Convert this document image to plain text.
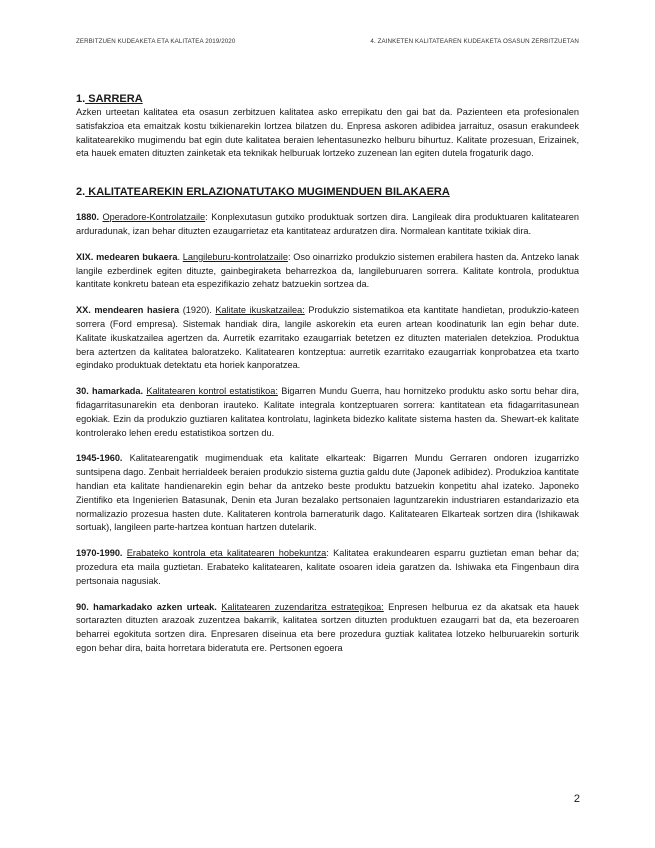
ZERBITZUEN KUDEAKETA ETA KALITATEA 2019/2020	4. ZAINKETEN KALITATEAREN KUDEAKETA OSASUN ZERBITZUETAN
1. SARRERA

Azken urteetan kalitatea eta osasun zerbitzuen kalitatea asko errepikatu den gai bat da. Pazienteen eta profesionalen satisfakzioa eta emaitzak kostu txikienarekin lortzea bilatzen du. Enpresa askoren adibidea jarraituz, osasun erakundeek kalitatearekiko mugimendu bat egin dute kalitatea beraien lehentasunezko helburu bihurtuz. Kalitate prozesuan, Erizainek, eta hauek ematen dituzten zainketak eta teknikak helburuak lortzeko zuzenean lan egiten dutela frogaturik dago.

2. KALITATEAREKIN ERLAZIONATUTAKO MUGIMENDUEN BILAKAERA

1880. Operadore-Kontrolatzaile: Konplexutasun gutxiko produktuak sortzen dira. Langileak dira produktuaren kalitatearen arduradunak, izan behar dituzten ezaugarrietaz eta kantitateaz arduratzen dira. Normalean kantitate txikiak dira.

XIX. medearen bukaera. Langileburu-kontrolatzaile: Oso oinarrizko produkzio sistemen erabilera hasten da. Antzeko lanak langile ezberdinek egiten dituzte, gainbegiraketa beharrezkoa da, langileburuaren sorrera. Kalitate kontrola, produktua kantitate konkretu batean eta espezifikazio zehatz batzuekin sortzea da.

XX. mendearen hasiera (1920). Kalitate ikuskatzailea: Produkzio sistematikoa eta kantitate handietan, produkzio-kateen sorrera (Ford empresa). Sistemak handiak dira, langile askorekin eta euren artean koodinaturik lan egin behar dute. Kalitate ikuskatzailea agertzen da. Aurretik ezarritako ezaugarriak betetzen ez dituzten materialen detekzioa. Produktua bera aztertzen da kalitatea baloratzeko. Kalitatearen kontzeptua: aurretik ezarritako ezaugarriak konprobatzea eta txarto egindako produktuak detektatu eta horiek kanporatzea.

30. hamarkada. Kalitatearen kontrol estatistikoa: Bigarren Mundu Guerra, hau hornitzeko produktu asko sortu behar dira, fidagarritasunarekin eta denboran irauteko. Kalitate integrala kontzeptuaren sorrera: kantitatean eta fidagarritasunean egokiak. Ezin da produkzio guztiaren kalitatea kontrolatu, laginketa bidezko kalitate sistema hasten da. Shewart-ek kalitate kontrolerako lehen eredu estatistikoa sortzen du.

1945-1960. Kalitatearengatik mugimenduak eta kalitate elkarteak: Bigarren Mundu Gerraren ondoren izugarrizko suntsipena dago. Zenbait herrialdeek beraien produkzio sistema guztia galdu dute (Japonek adibidez). Produkzioa kantitate handian eta kalitate handienarekin egin behar da antzeko beste produktu batzuekin konpetitu ahal izateko. Japoneko Zientifiko eta Ingenierien Batasunak, Denin eta Juran bezalako pertsonaien laguntzarekin industriaren estandarizazio eta normalizazio prozesua hasten dute. Kalitateren kontrola barneraturik dago. Kalitatearen Elkarteak sortzen dira (Ishikawak sortuak), langileen parte-hartzea kontuan hartzen dutelarik.

1970-1990. Erabateko kontrola eta kalitatearen hobekuntza: Kalitatea erakundearen esparru guztietan eman behar da; prozedura eta maila guztietan. Erabateko kalitatearen, kalitate osoaren ideia garatzen da. Ishiwaka eta Fingenbaun dira pertsonaia nagusiak.

90. hamarkadako azken urteak. Kalitatearen zuzendaritza estrategikoa: Enpresen helburua ez da akatsak eta hauek sortarazten dituzten arazoak zuzentzea bakarrik, kalitatea sortzen dituzten produktuen ezaugarri bat da, eta bezeroaren beharrei egokituta sortzen dira. Enpresaren diseinua eta bere prozedura guztiak kalitatea lotzeko helburuarekin sorturik egon behar dira, baita horretara bideratuta ere. Pertsonen egoera

2
